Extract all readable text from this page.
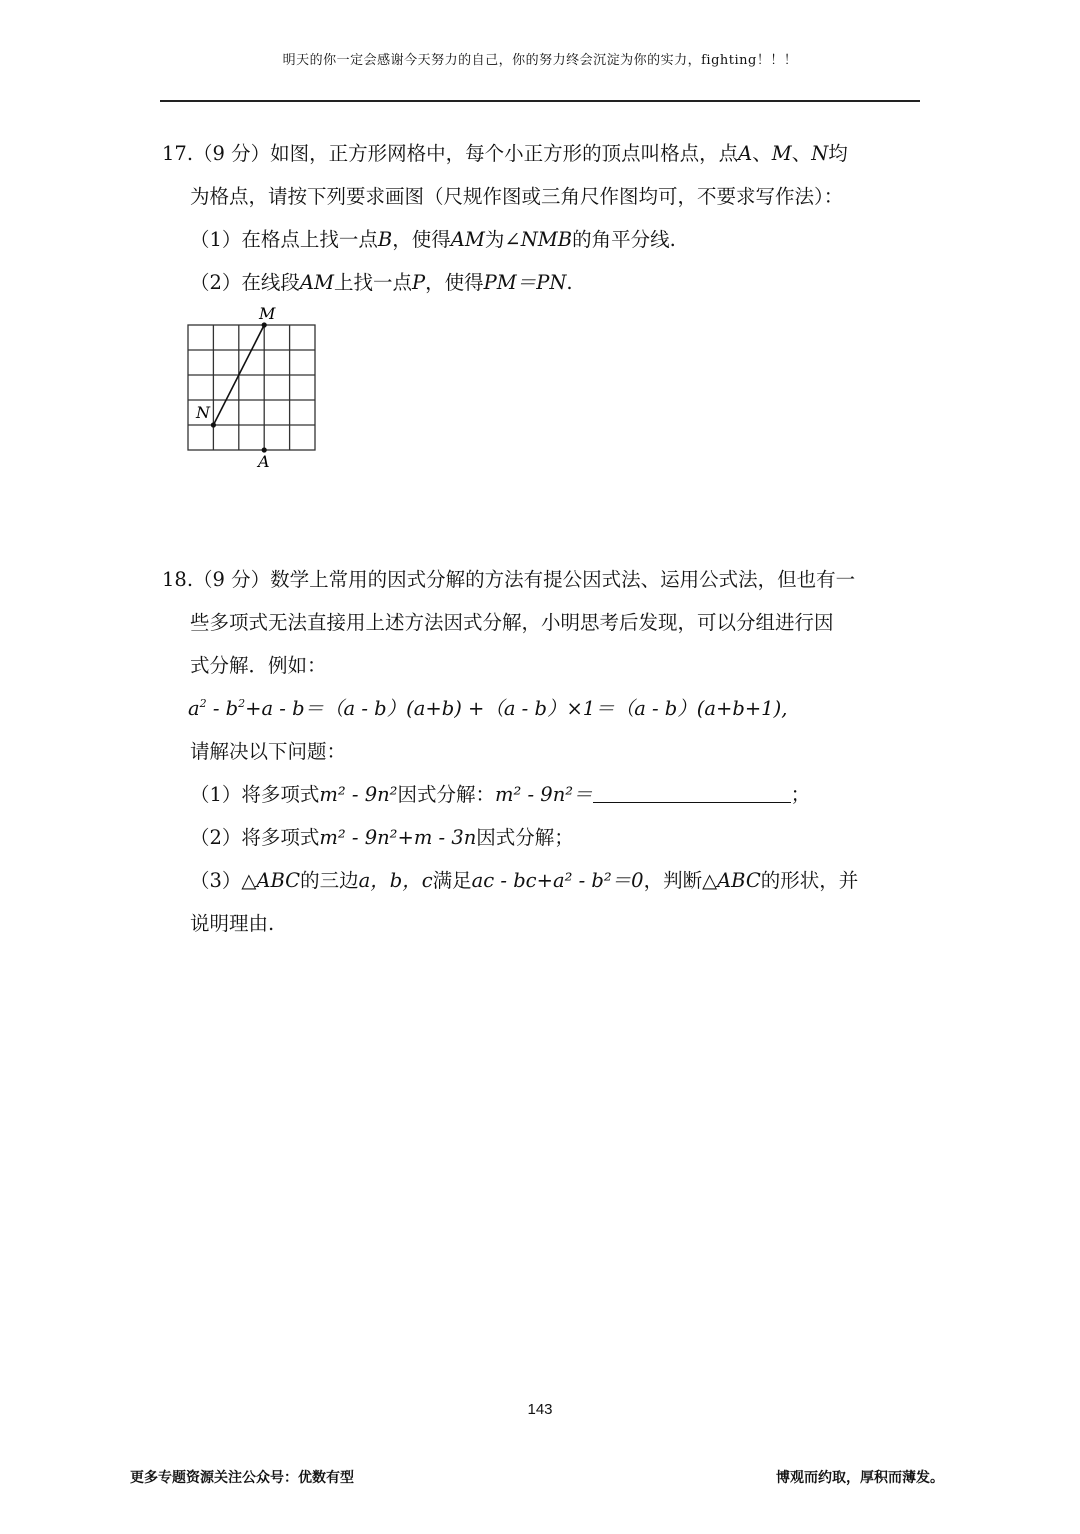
明天的你一定会感谢今天努力的自己，你的努力终会沉淀为你的实力，fighting！！！
17.（9 分）如图，正方形网格中，每个小正方形的顶点叫格点，点A、M、N均
为格点，请按下列要求画图（尺规作图或三角尺作图均可，不要求写作法）：
（1）在格点上找一点B，使得AM为∠NMB的角平分线.
（2）在线段AM上找一点P，使得PM＝PN.
M
N
A
18.（9 分）数学上常用的因式分解的方法有提公因式法、运用公式法，但也有一
些多项式无法直接用上述方法因式分解，小明思考后发现，可以分组进行因
式分解．例如：
$a^2 - b^2+a - b=(a - b)(a+b) +(a - b)\times 1=(a - b)(a+b+1)$,
请解决以下问题：
（1）将多项式m² - 9n²因式分解：m² - 9n²＝	；
（2）将多项式m² - 9n²+m - 3n因式分解；
（3）△ABC的三边a，b，c满足ac - bc+a² - b²＝0，判断△ABC的形状，并
说明理由.
143
更多专题资源关注公众号：优数有型	博观而约取，厚积而薄发。
